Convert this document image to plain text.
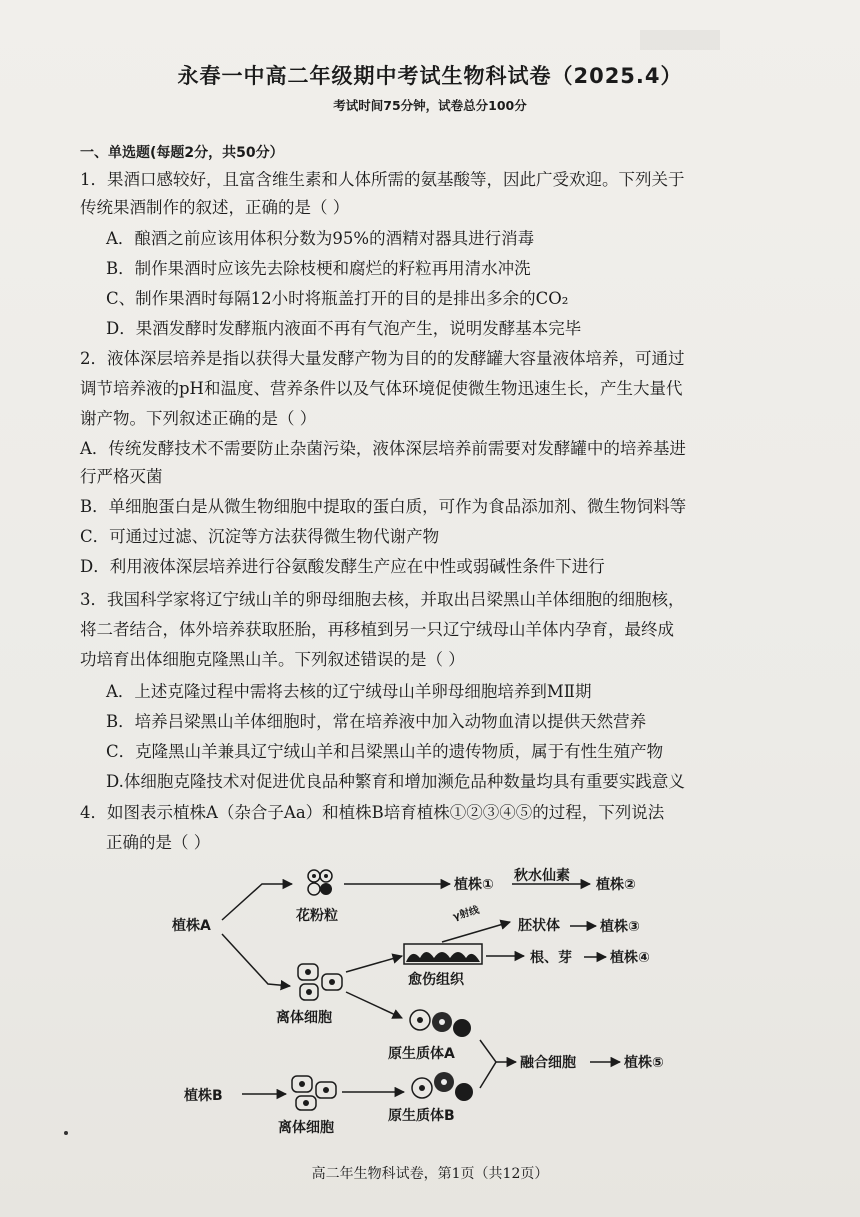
永春一中高二年级期中考试生物科试卷（2025.4）
考试时间75分钟，试卷总分100分
一、单选题(每题2分，共50分）
1．果酒口感较好，且富含维生素和人体所需的氨基酸等，因此广受欢迎。下列关于
传统果酒制作的叙述，正确的是（ ）
A．酿酒之前应该用体积分数为95%的酒精对器具进行消毒
B．制作果酒时应该先去除枝梗和腐烂的籽粒再用清水冲洗
C、制作果酒时每隔12小时将瓶盖打开的目的是排出多余的CO₂
D．果酒发酵时发酵瓶内液面不再有气泡产生，说明发酵基本完毕
2．液体深层培养是指以获得大量发酵产物为目的的发酵罐大容量液体培养，可通过
调节培养液的pH和温度、营养条件以及气体环境促使微生物迅速生长，产生大量代
谢产物。下列叙述正确的是（ ）
A．传统发酵技术不需要防止杂菌污染，液体深层培养前需要对发酵罐中的培养基进
行严格灭菌
B．单细胞蛋白是从微生物细胞中提取的蛋白质，可作为食品添加剂、微生物饲料等
C．可通过过滤、沉淀等方法获得微生物代谢产物
D．利用液体深层培养进行谷氨酸发酵生产应在中性或弱碱性条件下进行
3．我国科学家将辽宁绒山羊的卵母细胞去核，并取出吕梁黑山羊体细胞的细胞核，
将二者结合，体外培养获取胚胎，再移植到另一只辽宁绒母山羊体内孕育，最终成
功培育出体细胞克隆黑山羊。下列叙述错误的是（ ）
A．上述克隆过程中需将去核的辽宁绒母山羊卵母细胞培养到MⅡ期
B．培养吕梁黑山羊体细胞时，常在培养液中加入动物血清以提供天然营养
C．克隆黑山羊兼具辽宁绒山羊和吕梁黑山羊的遗传物质，属于有性生殖产物
D.体细胞克隆技术对促进优良品种繁育和增加濒危品种数量均具有重要实践意义
4．如图表示植株A（杂合子Aa）和植株B培育植株①②③④⑤的过程，下列说法
正确的是（ ）
植株A
花粉粒
植株①
秋水仙素
植株②
γ射线
胚状体	植株③
愈伤组织
根、芽	植株④
离体细胞
原生质体A
植株B
离体细胞
原生质体B
融合细胞	植株⑤
高二年生物科试卷，第1页（共12页）
